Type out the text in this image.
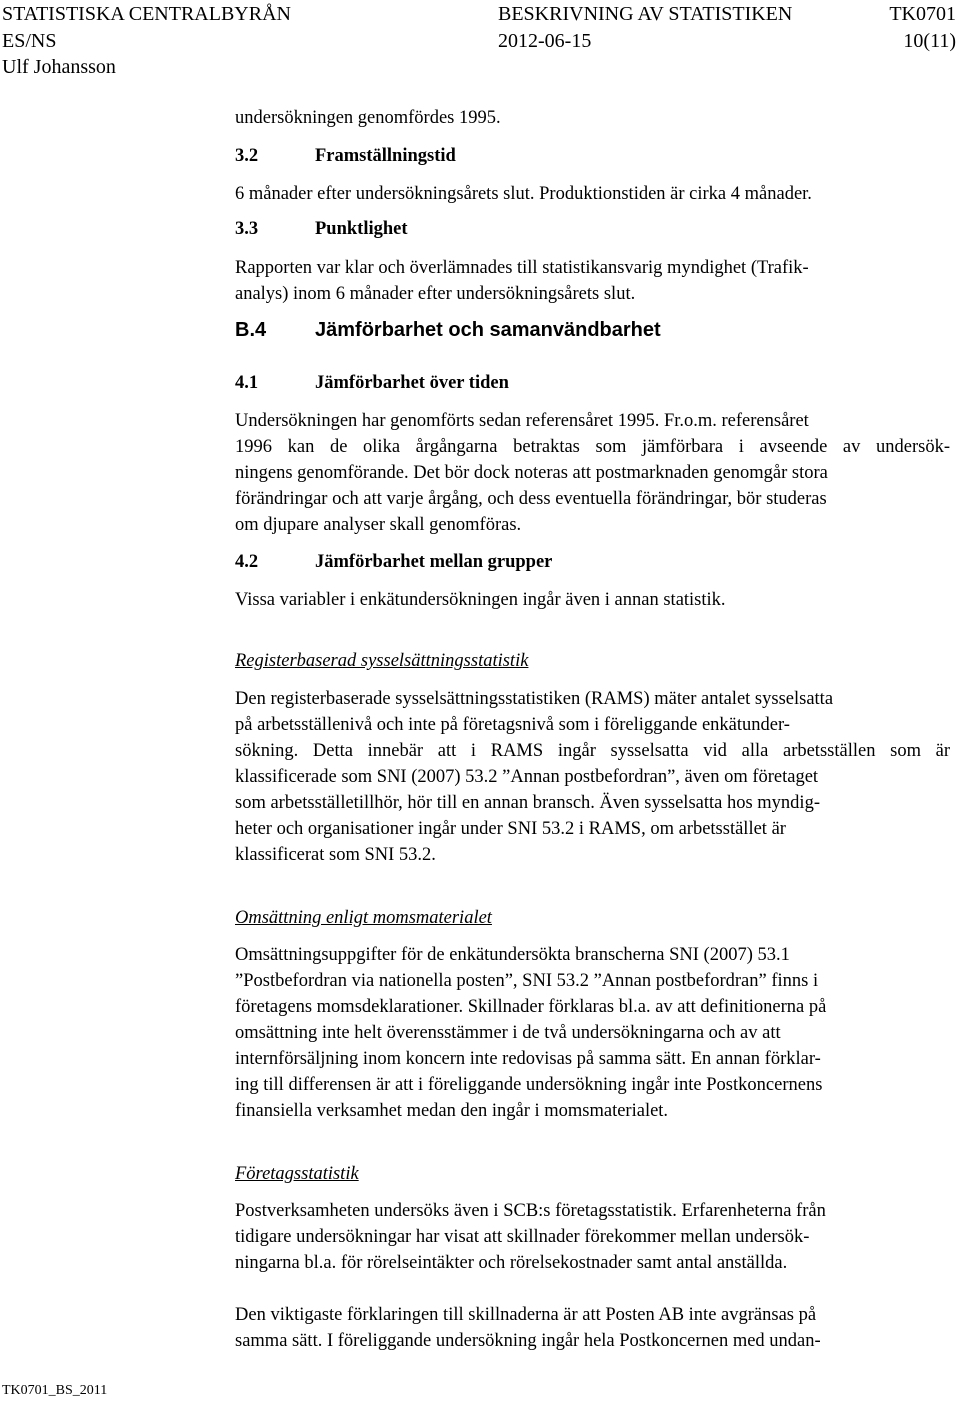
STATISTISKA CENTRALBYRÅN
ES/NS
Ulf Johansson
BESKRIVNING AV STATISTIKEN
2012-06-15
TK0701
10(11)
undersökningen genomfördes 1995.
3.2	Framställningstid
6 månader efter undersökningsårets slut. Produktionstiden är cirka 4 månader.
3.3	Punktlighet
Rapporten var klar och överlämnades till statistikansvarig myndighet (Trafik-
analys) inom 6 månader efter undersökningsårets slut.
B.4 Jämförbarhet och samanvändbarhet
4.1	Jämförbarhet över tiden
Undersökningen har genomförts sedan referensåret 1995. Fr.o.m. referensåret
1996 kan de olika årgångarna betraktas som jämförbara i avseende av undersök-
ningens genomförande. Det bör dock noteras att postmarknaden genomgår stora
förändringar och att varje årgång, och dess eventuella förändringar, bör studeras
om djupare analyser skall genomföras.
4.2	Jämförbarhet mellan grupper
Vissa variabler i enkätundersökningen ingår även i annan statistik.
Registerbaserad sysselsättningsstatistik
Den registerbaserade sysselsättningsstatistiken (RAMS) mäter antalet sysselsatta
på arbetsställenivå och inte på företagsnivå som i föreliggande enkätunder-
sökning. Detta innebär att i RAMS ingår sysselsatta vid alla arbetsställen som är
klassificerade som SNI (2007) 53.2 ”Annan postbefordran”, även om företaget
som arbetsställetillhör, hör till en annan bransch. Även sysselsatta hos myndig-
heter och organisationer ingår under SNI 53.2 i RAMS, om arbetsstället är
klassificerat som SNI 53.2.
Omsättning enligt momsmaterialet
Omsättningsuppgifter för de enkätundersökta branscherna SNI (2007) 53.1
”Postbefordran via nationella posten”, SNI 53.2 ”Annan postbefordran” finns i
företagens momsdeklarationer. Skillnader förklaras bl.a. av att definitionerna på
omsättning inte helt överensstämmer i de två undersökningarna och av att
internförsäljning inom koncern inte redovisas på samma sätt. En annan förklar-
ing till differensen är att i föreliggande undersökning ingår inte Postkoncernens
finansiella verksamhet medan den ingår i momsmaterialet.
Företagsstatistik
Postverksamheten undersöks även i SCB:s företagsstatistik. Erfarenheterna från
tidigare undersökningar har visat att skillnader förekommer mellan undersök-
ningarna bl.a. för rörelseintäkter och rörelsekostnader samt antal anställda.
Den viktigaste förklaringen till skillnaderna är att Posten AB inte avgränsas på
samma sätt. I föreliggande undersökning ingår hela Postkoncernen med undan-
TK0701_BS_2011
